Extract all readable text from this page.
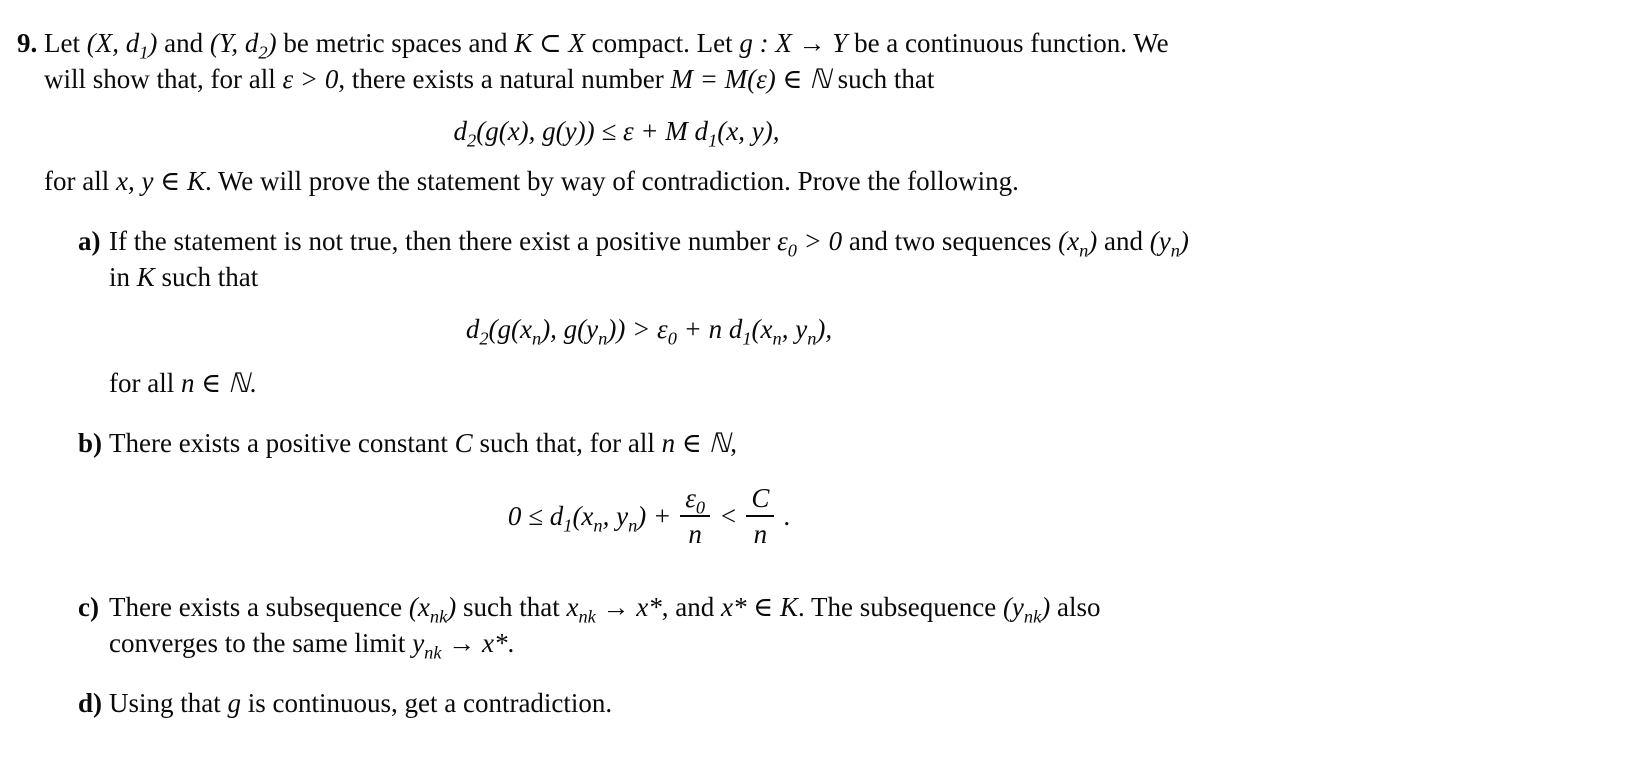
9. Let (X, $d_1$) and (Y, $d_2$) be metric spaces and K ⊂ X compact. Let g : X → Y be a continuous function. We will show that, for all ε > 0, there exists a natural number M = M(ε) ∈ ℕ such that

$d_2(g(x)$, g(y)) ≤ ε + M $d_1(x$, y),

for all x, y ∈ K. We will prove the statement by way of contradiction. Prove the following.

a) If the statement is not true, then there exist a positive number $\varepsilon_0 > 0$ and two sequences $(x_n)$ and $(y_n)$ in K such that

$d_2(g(x_n)$, $g(y_n)) > \varepsilon_0 + n$ $d_1(x_n$, $y_n$),

for all n ∈ ℕ.

b) There exists a positive constant C such that, for all n ∈ ℕ,

$0 \le d_1(x_n$, $y_n) + \frac{\varepsilon_0}{n} < \frac{C}{n}$ .
c) There exists a subsequence $(x_{nk})$ such that $x_{nk} \to x*$, and x* ∈ K. The subsequence $(y_{nk})$ also converges to the same limit $y_{nk} \to x*$.

d) Using that g is continuous, get a contradiction.
